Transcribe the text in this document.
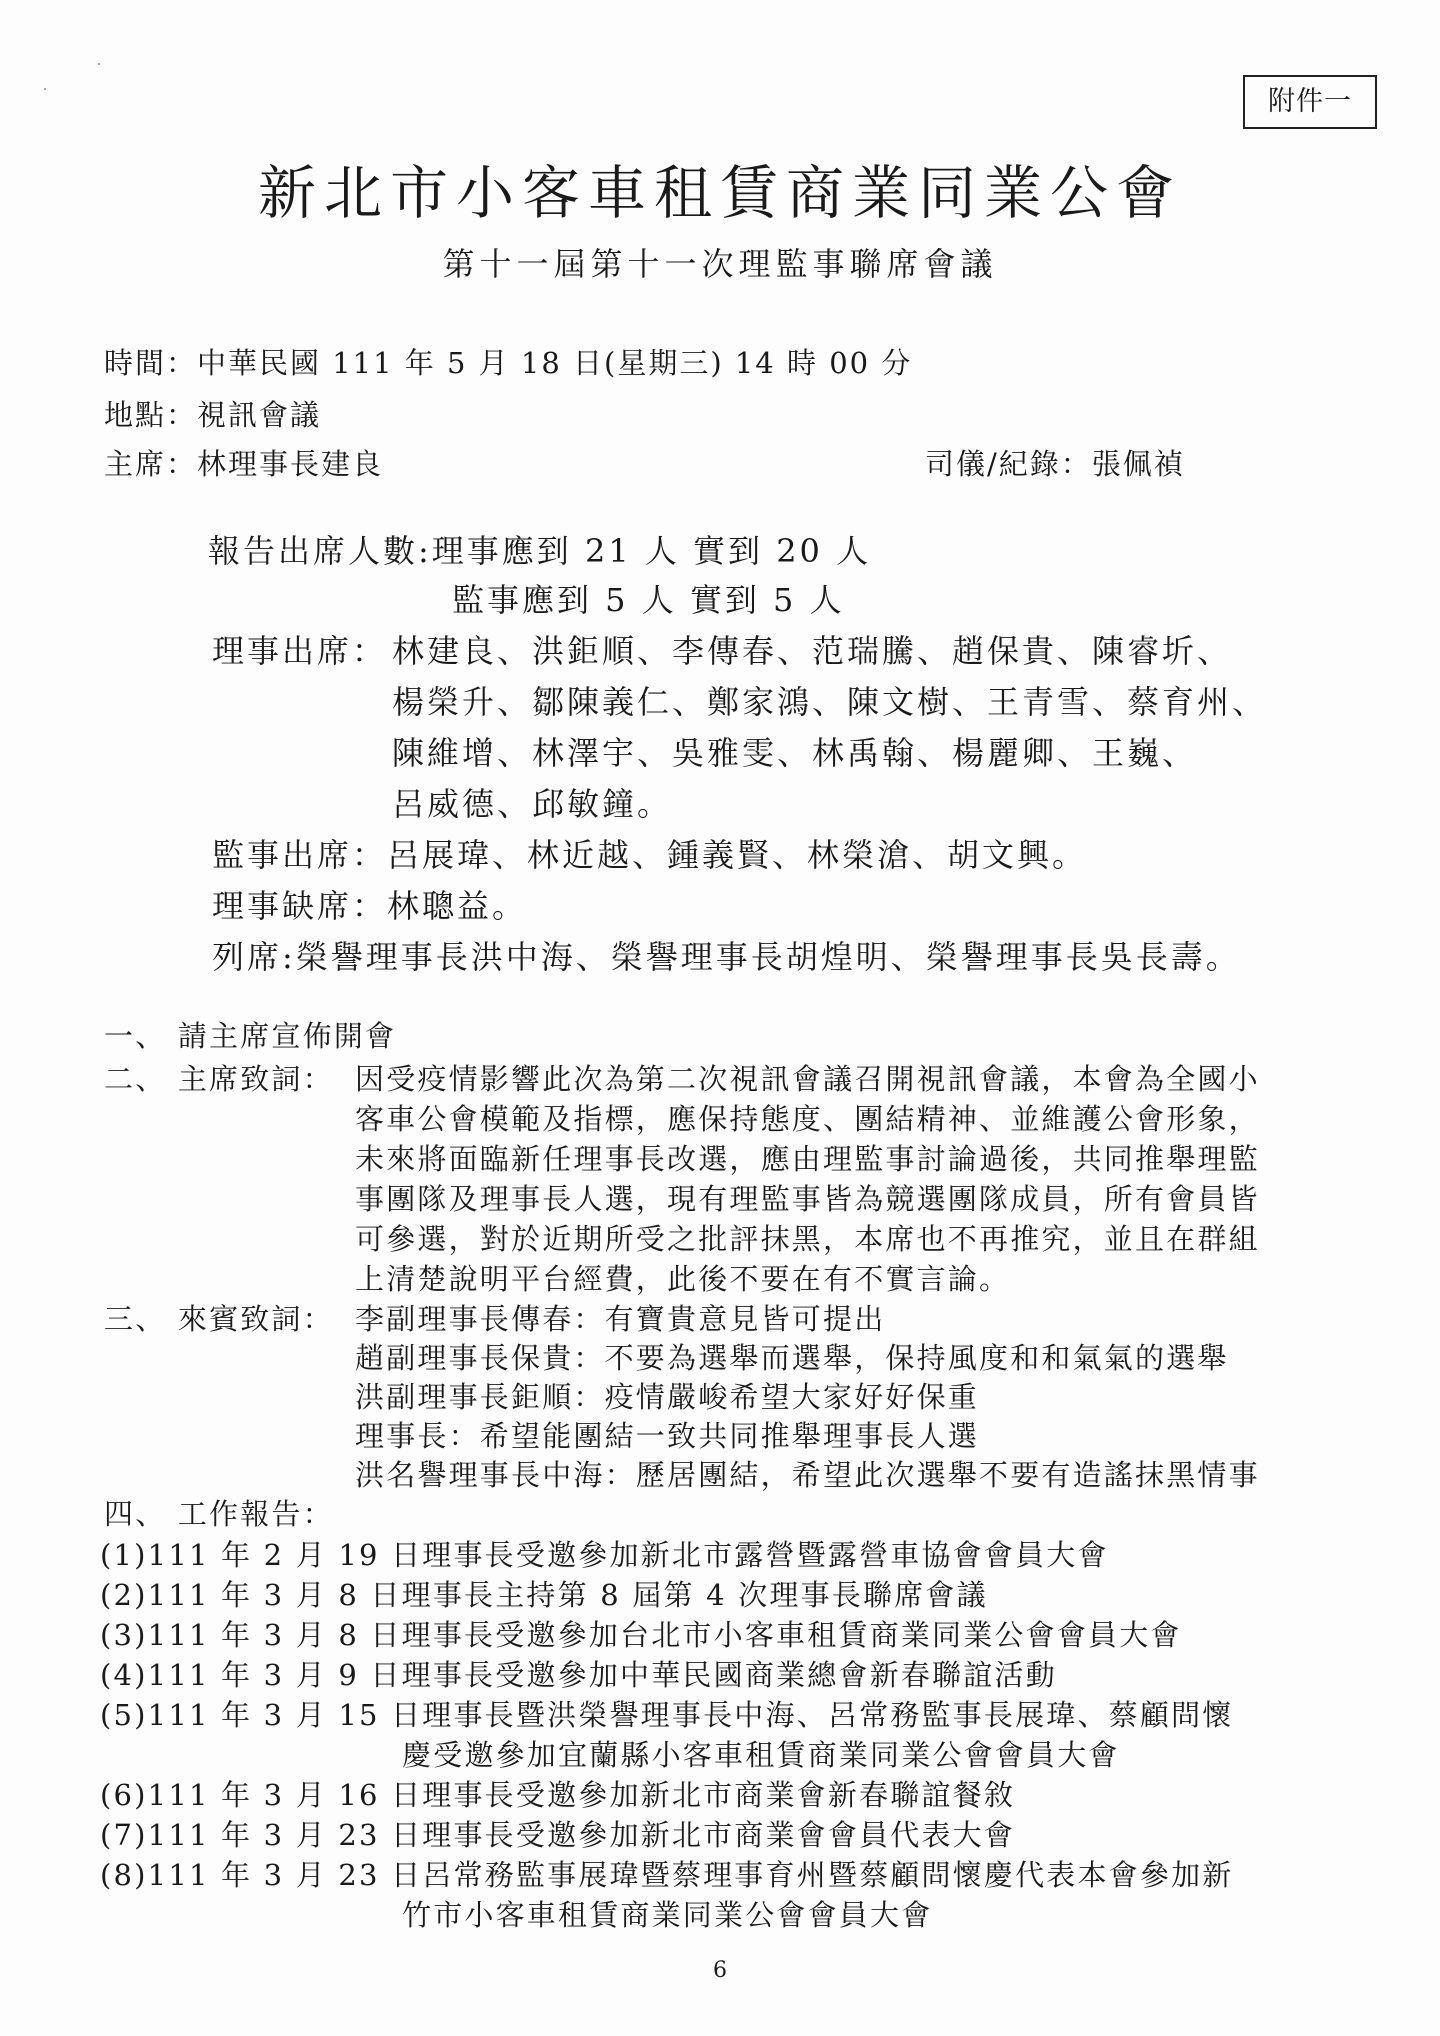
附件一
新北市小客車租賃商業同業公會
第十一屆第十一次理監事聯席會議
時間：中華民國 111 年 5 月 18 日(星期三) 14 時 00 分
地點：視訊會議
主席：林理事長建良	司儀/紀錄：張佩禎
報告出席人數:理事應到 21 人 實到 20 人
監事應到 5 人 實到 5 人
理事出席： 林建良、洪鉅順、李傳春、范瑞騰、趙保貴、陳睿圻、
楊榮升、鄒陳義仁、鄭家鴻、陳文樹、王青雪、蔡育州、
陳維增、林澤宇、吳雅雯、林禹翰、楊麗卿、王巍、
呂威德、邱敏鐘。
監事出席：呂展瑋、林近越、鍾義賢、林榮滄、胡文興。
理事缺席：林聰益。
列席:榮譽理事長洪中海、榮譽理事長胡煌明、榮譽理事長吳長壽。
一、 請主席宣佈開會
二、 主席致詞： 因受疫情影響此次為第二次視訊會議召開視訊會議，本會為全國小
客車公會模範及指標，應保持態度、團結精神、並維護公會形象，
未來將面臨新任理事長改選，應由理監事討論過後，共同推舉理監
事團隊及理事長人選，現有理監事皆為競選團隊成員，所有會員皆
可參選，對於近期所受之批評抹黑，本席也不再推究，並且在群組
上清楚說明平台經費，此後不要在有不實言論。
三、 來賓致詞： 李副理事長傳春：有寶貴意見皆可提出
趙副理事長保貴：不要為選舉而選舉，保持風度和和氣氣的選舉
洪副理事長鉅順：疫情嚴峻希望大家好好保重
理事長：希望能團結一致共同推舉理事長人選
洪名譽理事長中海：歷居團結，希望此次選舉不要有造謠抹黑情事
四、 工作報告：
(1)111 年 2 月 19 日理事長受邀參加新北市露營暨露營車協會會員大會
(2)111 年 3 月 8 日理事長主持第 8 屆第 4 次理事長聯席會議
(3)111 年 3 月 8 日理事長受邀參加台北市小客車租賃商業同業公會會員大會
(4)111 年 3 月 9 日理事長受邀參加中華民國商業總會新春聯誼活動
(5)111 年 3 月 15 日理事長暨洪榮譽理事長中海、呂常務監事長展瑋、蔡顧問懷
慶受邀參加宜蘭縣小客車租賃商業同業公會會員大會
(6)111 年 3 月 16 日理事長受邀參加新北市商業會新春聯誼餐敘
(7)111 年 3 月 23 日理事長受邀參加新北市商業會會員代表大會
(8)111 年 3 月 23 日呂常務監事展瑋暨蔡理事育州暨蔡顧問懷慶代表本會參加新
竹市小客車租賃商業同業公會會員大會
6
